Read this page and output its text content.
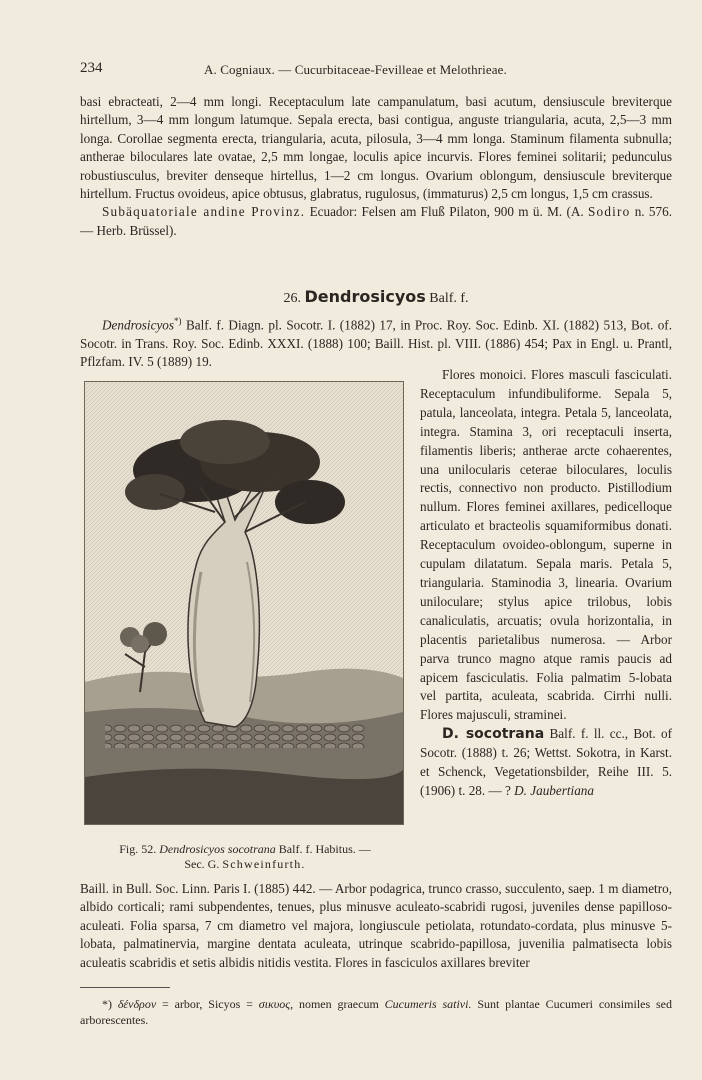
234	A. Cogniaux. — Cucurbitaceae-Fevilleae et Melothrieae.

basi ebracteati, 2—4 mm longi. Receptaculum late campanulatum, basi acutum, densiuscule breviterque hirtellum, 3—4 mm longum latumque. Sepala erecta, basi contigua, anguste triangularia, acuta, 2,5—3 mm longa. Corollae segmenta erecta, triangularia, acuta, pilosula, 3—4 mm longa. Staminum filamenta subnulla; antherae biloculares late ovatae, 2,5 mm longae, loculis apice incurvis. Flores feminei solitarii; pedunculus robustiusculus, breviter denseque hirtellus, 1—2 cm longus. Ovarium oblongum, densiuscule breviterque hirtellum. Fructus ovoideus, apice obtusus, glabratus, rugulosus, (immaturus) 2,5 cm longus, 1,5 cm crassus.

Subäquatoriale andine Provinz. Ecuador: Felsen am Fluß Pilaton, 900 m ü. M. (A. Sodiro n. 576. — Herb. Brüssel).

26. Dendrosicyos Balf. f.
Dendrosicyos*) Balf. f. Diagn. pl. Socotr. I. (1882) 17, in Proc. Roy. Soc. Edinb. XI. (1882) 513, Bot. of. Socotr. in Trans. Roy. Soc. Edinb. XXXI. (1888) 100; Baill. Hist. pl. VIII. (1886) 454; Pax in Engl. u. Prantl, Pflzfam. IV. 5 (1889) 19.
Fig. 52. Dendrosicyos socotrana Balf. f. Habitus. —
Sec. G. Schweinfurth.

Flores monoici. Flores masculi fasciculati. Receptaculum infundibuliforme. Sepala 5, patula, lanceolata, integra. Petala 5, lanceolata, integra. Stamina 3, ori receptaculi inserta, filamentis liberis; antherae arcte cohaerentes, una unilocularis ceterae biloculares, loculis rectis, connectivo non producto. Pistillodium nullum. Flores feminei axillares, pedicelloque articulato et bracteolis squamiformibus donati. Receptaculum ovoideo-oblongum, superne in cupulam dilatatum. Sepala maris. Petala 5, triangularia. Staminodia 3, linearia. Ovarium uniloculare; stylus apice trilobus, lobis canaliculatis, arcuatis; ovula horizontalia, in placentis parietalibus numerosa. — Arbor parva trunco magno atque ramis paucis ad apicem fasciculatis. Folia palmatim 5-lobata vel partita, aculeata, scabrida. Cirrhi nulli. Flores majusculi, straminei.

D. socotrana Balf. f. ll. cc., Bot. of Socotr. (1888) t. 26; Wettst. Sokotra, in Karst. et Schenck, Vegetationsbilder, Reihe III. 5. (1906) t. 28. — ? D. Jaubertiana

Baill. in Bull. Soc. Linn. Paris I. (1885) 442. — Arbor podagrica, trunco crasso, succulento, saep. 1 m diametro, albido corticali; rami subpendentes, tenues, plus minusve aculeato-scabridi rugosi, juveniles dense papilloso-aculeati. Folia sparsa, 7 cm diametro vel majora, longiuscule petiolata, rotundato-cordata, plus minusve 5-lobata, palmatinervia, margine dentata aculeata, utrinque scabrido-papillosa, juvenilia palmatisecta lobis aculeatis scabridis et setis albidis nitidis vestita. Flores in fasciculos axillares breviter
*) δένδρον = arbor, Sicyos = σικυος, nomen graecum Cucumeris sativi. Sunt plantae Cucumeri consimiles sed arborescentes.
